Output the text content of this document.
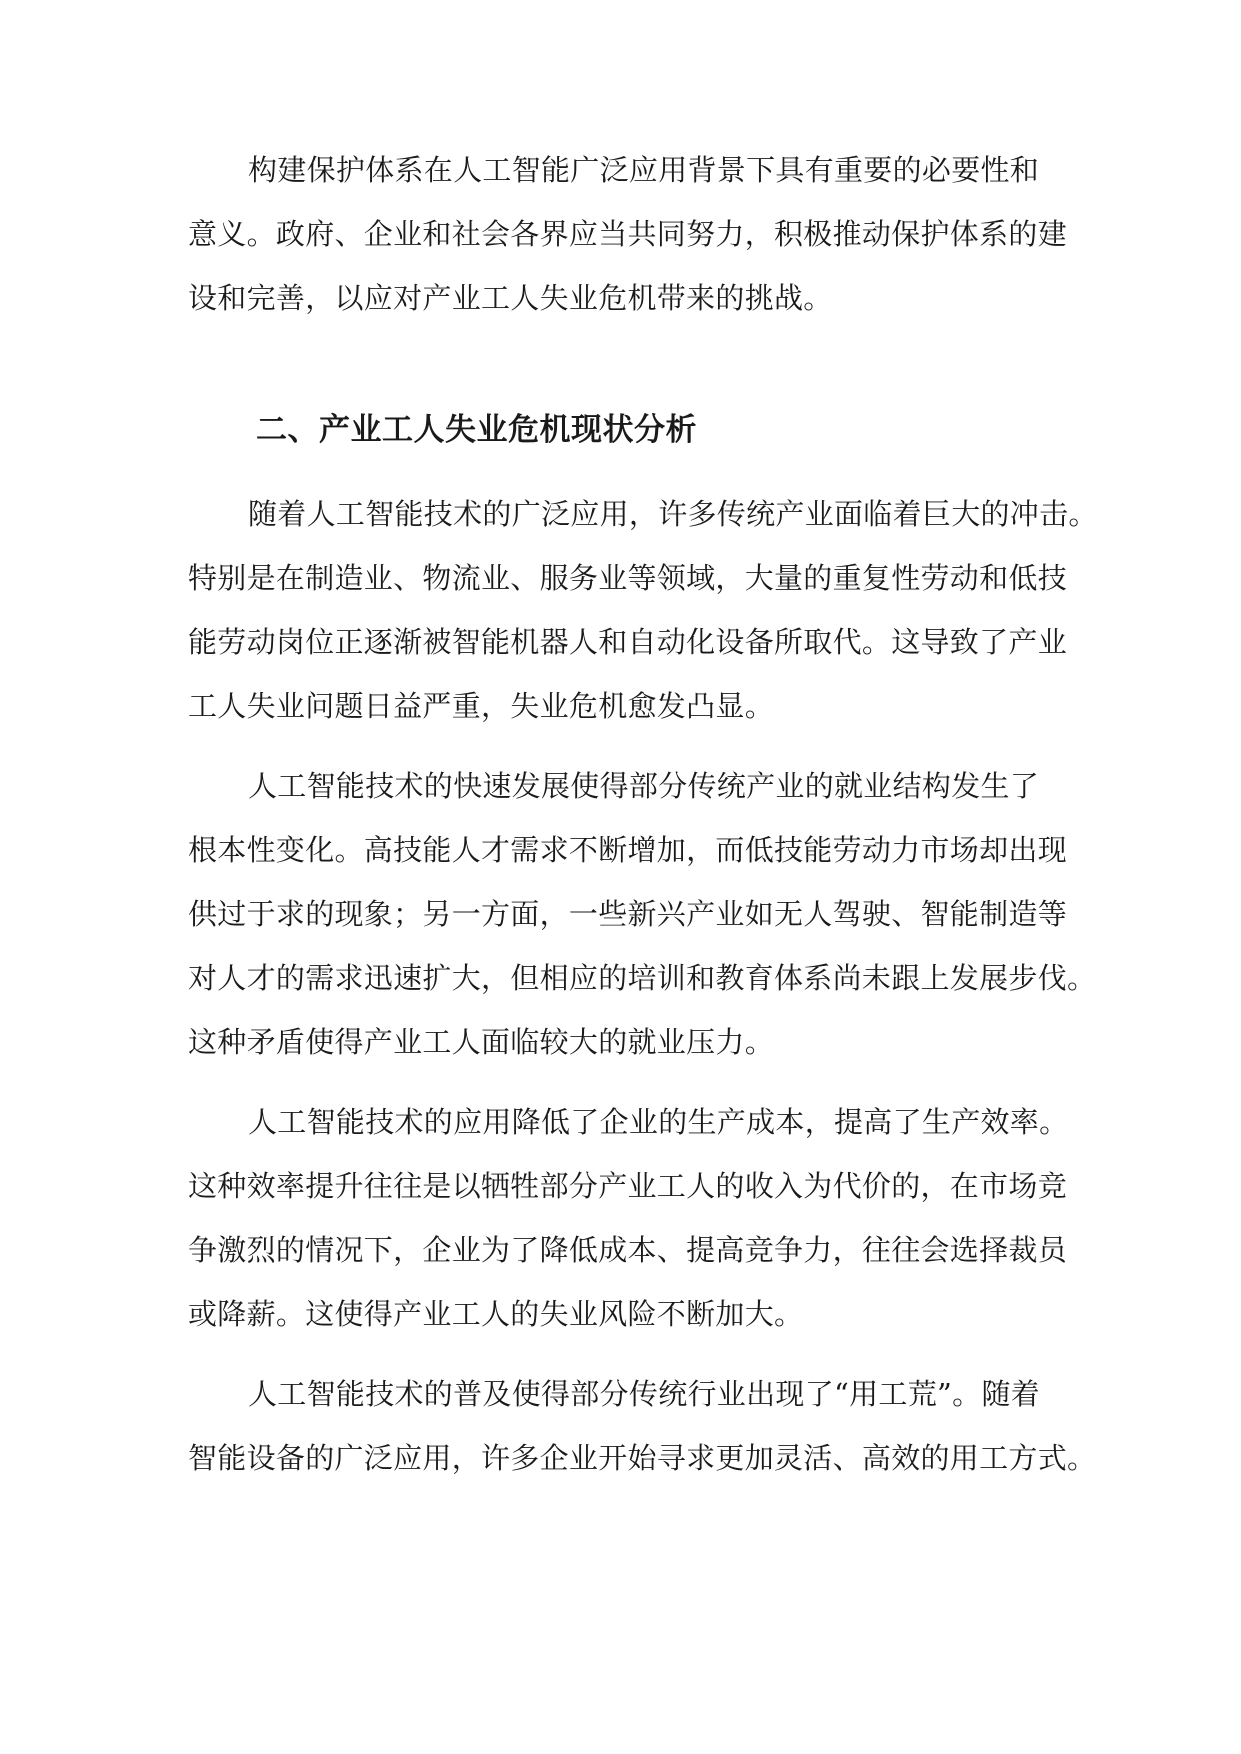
构建保护体系在人工智能广泛应用背景下具有重要的必要性和
意义。政府、企业和社会各界应当共同努力，积极推动保护体系的建
设和完善，以应对产业工人失业危机带来的挑战。
二、产业工人失业危机现状分析
随着人工智能技术的广泛应用，许多传统产业面临着巨大的冲击。
特别是在制造业、物流业、服务业等领域，大量的重复性劳动和低技
能劳动岗位正逐渐被智能机器人和自动化设备所取代。这导致了产业
工人失业问题日益严重，失业危机愈发凸显。
人工智能技术的快速发展使得部分传统产业的就业结构发生了
根本性变化。高技能人才需求不断增加，而低技能劳动力市场却出现
供过于求的现象；另一方面，一些新兴产业如无人驾驶、智能制造等
对人才的需求迅速扩大，但相应的培训和教育体系尚未跟上发展步伐。
这种矛盾使得产业工人面临较大的就业压力。
人工智能技术的应用降低了企业的生产成本，提高了生产效率。
这种效率提升往往是以牺牲部分产业工人的收入为代价的，在市场竞
争激烈的情况下，企业为了降低成本、提高竞争力，往往会选择裁员
或降薪。这使得产业工人的失业风险不断加大。
人工智能技术的普及使得部分传统行业出现了“用工荒”。随着
智能设备的广泛应用，许多企业开始寻求更加灵活、高效的用工方式。
